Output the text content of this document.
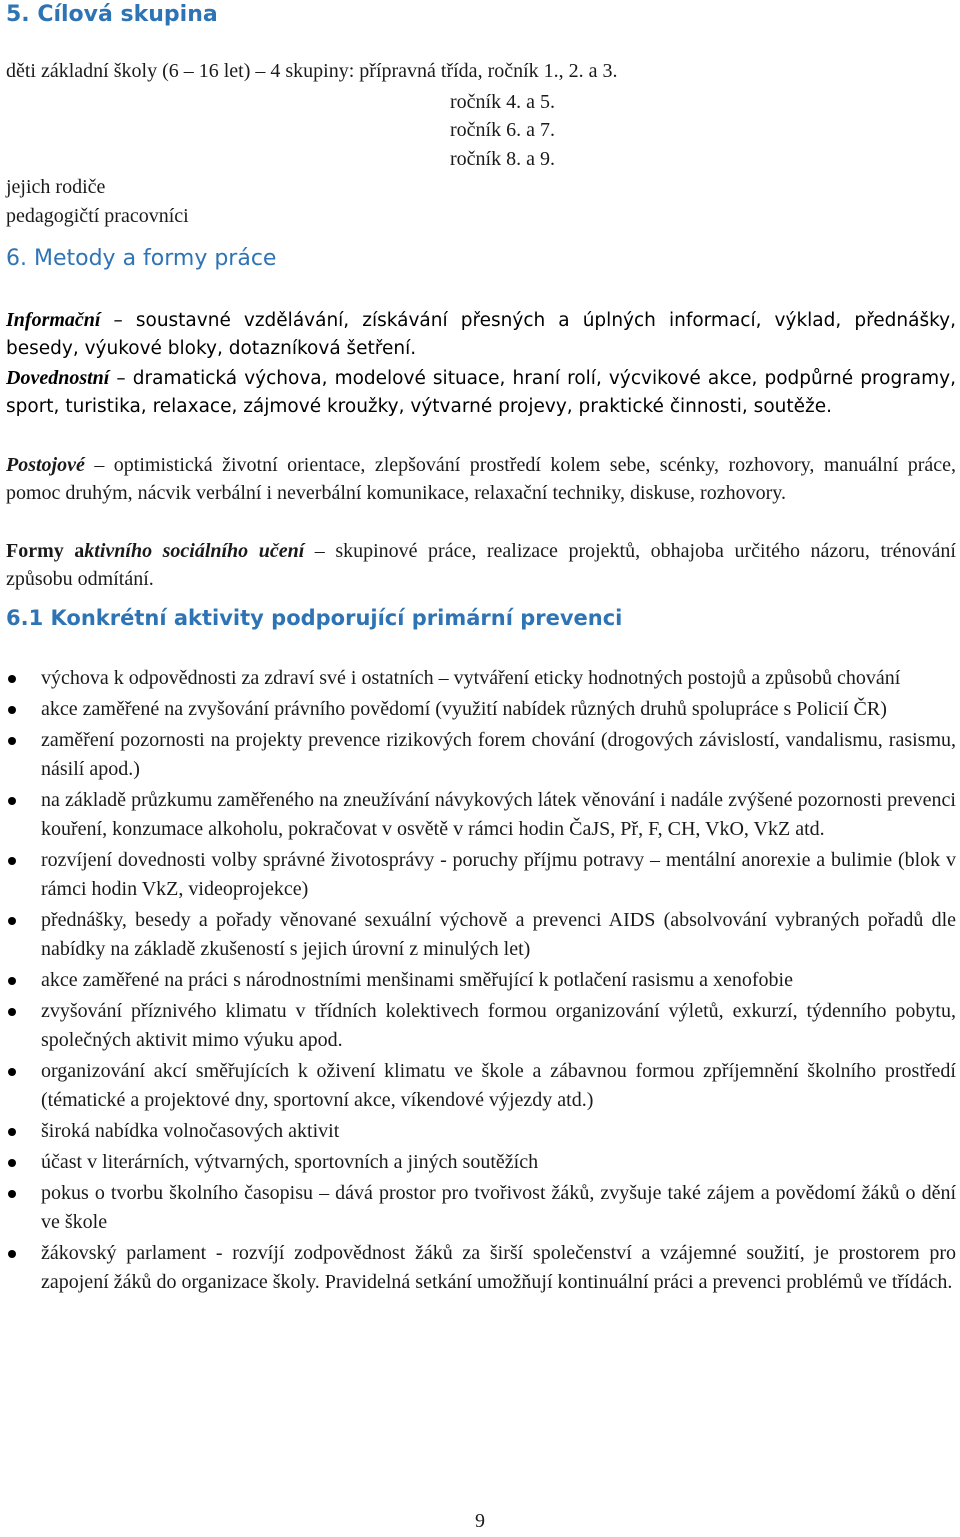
5. Cílová skupina
děti základní školy (6 – 16 let) – 4 skupiny: přípravná třída, ročník 1., 2. a 3.
ročník 4. a 5.
ročník 6. a 7.
ročník 8. a 9.
jejich rodiče
pedagogičtí pracovníci
6. Metody a formy práce
Informační – soustavné vzdělávání, získávání přesných a úplných informací, výklad, přednášky, besedy, výukové bloky, dotazníková šetření.
Dovednostní – dramatická výchova, modelové situace, hraní rolí, výcvikové akce, podpůrné programy, sport, turistika, relaxace, zájmové kroužky, výtvarné projevy, praktické činnosti, soutěže.
Postojové – optimistická životní orientace, zlepšování prostředí kolem sebe, scénky, rozhovory, manuální práce, pomoc druhým, nácvik verbální i neverbální komunikace, relaxační techniky, diskuse, rozhovory.
Formy aktivního sociálního učení – skupinové práce, realizace projektů, obhajoba určitého názoru, trénování způsobu odmítání.
6.1 Konkrétní aktivity podporující primární prevenci
výchova k odpovědnosti za zdraví své i ostatních – vytváření eticky hodnotných postojů a způsobů chování
akce zaměřené na zvyšování právního povědomí (využití nabídek různých druhů spolupráce s Policií ČR)
zaměření pozornosti na projekty prevence rizikových forem chování (drogových závislostí, vandalismu, rasismu, násilí apod.)
na základě průzkumu zaměřeného na zneužívání návykových látek věnování i nadále zvýšené pozornosti prevenci kouření, konzumace alkoholu, pokračovat v osvětě v rámci hodin ČaJS, Př, F, CH, VkO, VkZ atd.
rozvíjení dovednosti volby správné životosprávy - poruchy příjmu potravy – mentální anorexie a bulimie (blok v rámci hodin VkZ, videoprojekce)
přednášky, besedy a pořady věnované sexuální výchově a prevenci AIDS (absolvování vybraných pořadů dle nabídky na základě zkušeností s jejich úrovní z minulých let)
akce zaměřené na práci s národnostními menšinami směřující k potlačení rasismu a xenofobie
zvyšování příznivého klimatu v třídních kolektivech formou organizování výletů, exkurzí, týdenního pobytu, společných aktivit mimo výuku apod.
organizování akcí směřujících k oživení klimatu ve škole a zábavnou formou zpříjemnění školního prostředí (tématické a projektové dny, sportovní akce, víkendové výjezdy atd.)
široká nabídka volnočasových aktivit
účast v literárních, výtvarných, sportovních a jiných soutěžích
pokus o tvorbu školního časopisu – dává prostor pro tvořivost žáků, zvyšuje také zájem a povědomí žáků o dění ve škole
žákovský parlament - rozvíjí zodpovědnost žáků za širší společenství a vzájemné soužití, je prostorem pro zapojení žáků do organizace školy. Pravidelná setkání umožňují kontinuální práci a prevenci problémů ve třídách.
9
